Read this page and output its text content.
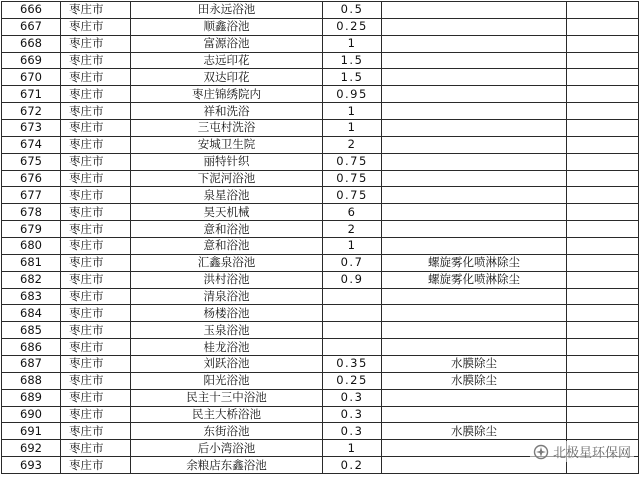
666	枣庄市	田永远浴池	0.5		
667	枣庄市	顺鑫浴池	0.25		
668	枣庄市	富源浴池	1		
669	枣庄市	志远印花	1.5		
670	枣庄市	双达印花	1.5		
671	枣庄市	枣庄锦绣院内	0.95		
672	枣庄市	祥和洗浴	1		
673	枣庄市	三屯村洗浴	1		
674	枣庄市	安城卫生院	2		
675	枣庄市	丽特针织	0.75		
676	枣庄市	下泥河浴池	0.75		
677	枣庄市	泉星浴池	0.75		
678	枣庄市	昊天机械	6		
679	枣庄市	意和浴池	2		
680	枣庄市	意和浴池	1		
681	枣庄市	汇鑫泉浴池	0.7	螺旋雾化喷淋除尘	
682	枣庄市	洪村浴池	0.9	螺旋雾化喷淋除尘	
683	枣庄市	清泉浴池			
684	枣庄市	杨楼浴池			
685	枣庄市	玉泉浴池			
686	枣庄市	桂龙浴池			
687	枣庄市	刘跃浴池	0.35	水膜除尘	
688	枣庄市	阳光浴池	0.25	水膜除尘	
689	枣庄市	民主十三中浴池	0.3		
690	枣庄市	民主大桥浴池	0.3		
691	枣庄市	东街浴池	0.3	水膜除尘	
692	枣庄市	后小湾浴池	1		
693	枣庄市	余粮店东鑫浴池	0.2		
北极星环保网
